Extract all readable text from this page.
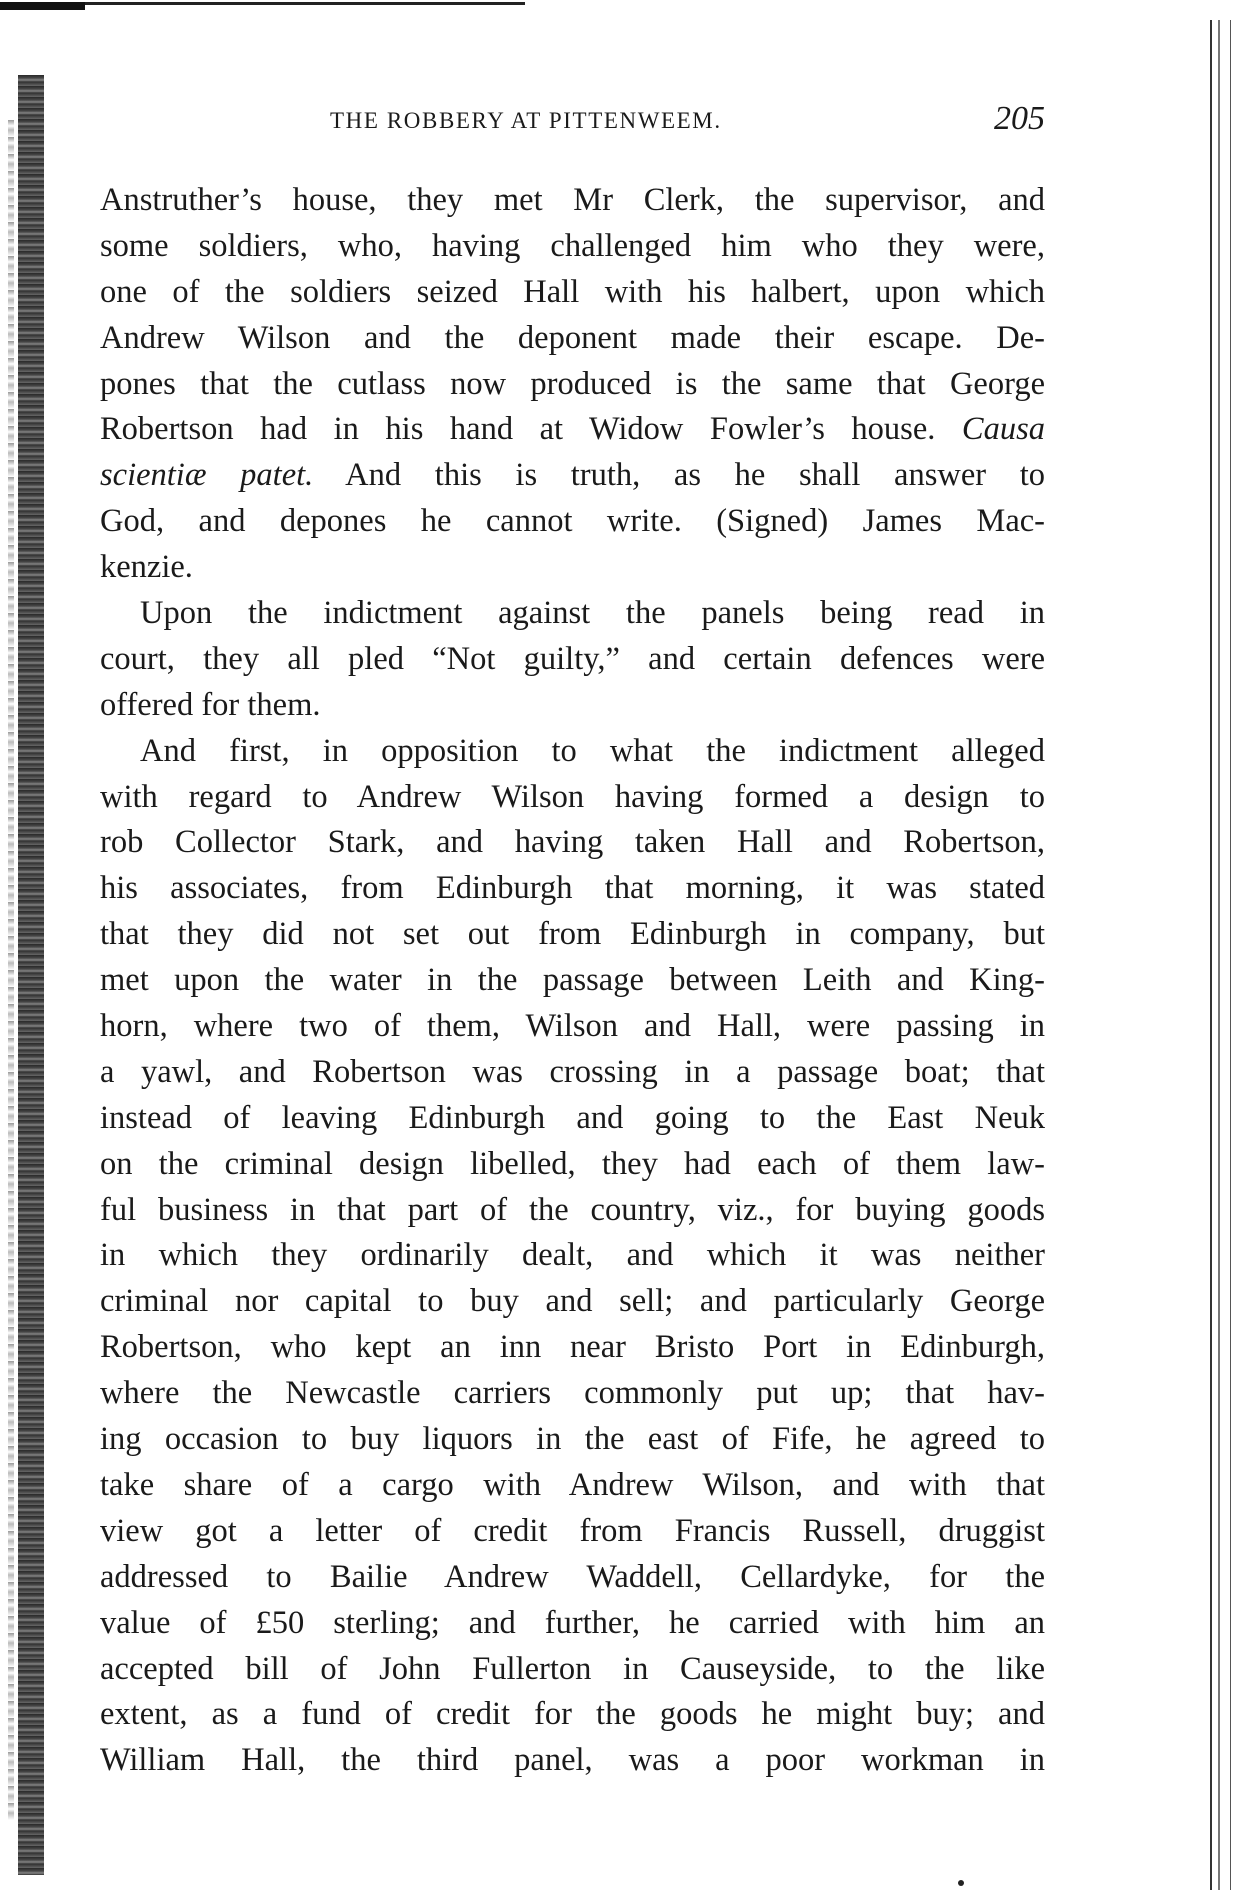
THE ROBBERY AT PITTENWEEM.	205
Anstruther’s house, they met Mr Clerk, the supervisor, and
some soldiers, who, having challenged him who they were,
one of the soldiers seized Hall with his halbert, upon which
Andrew Wilson and the deponent made their escape. De-
pones that the cutlass now produced is the same that George
Robertson had in his hand at Widow Fowler’s house. Causa
scientiæ patet. And this is truth, as he shall answer to
God, and depones he cannot write. (Signed) James Mac-
kenzie.
Upon the indictment against the panels being read in
court, they all pled “Not guilty,” and certain defences were
offered for them.
And first, in opposition to what the indictment alleged
with regard to Andrew Wilson having formed a design to
rob Collector Stark, and having taken Hall and Robertson,
his associates, from Edinburgh that morning, it was stated
that they did not set out from Edinburgh in company, but
met upon the water in the passage between Leith and King-
horn, where two of them, Wilson and Hall, were passing in
a yawl, and Robertson was crossing in a passage boat; that
instead of leaving Edinburgh and going to the East Neuk
on the criminal design libelled, they had each of them law-
ful business in that part of the country, viz., for buying goods
in which they ordinarily dealt, and which it was neither
criminal nor capital to buy and sell; and particularly George
Robertson, who kept an inn near Bristo Port in Edinburgh,
where the Newcastle carriers commonly put up; that hav-
ing occasion to buy liquors in the east of Fife, he agreed to
take share of a cargo with Andrew Wilson, and with that
view got a letter of credit from Francis Russell, druggist
addressed to Bailie Andrew Waddell, Cellardyke, for the
value of £50 sterling; and further, he carried with him an
accepted bill of John Fullerton in Causeyside, to the like
extent, as a fund of credit for the goods he might buy; and
William Hall, the third panel, was a poor workman in
